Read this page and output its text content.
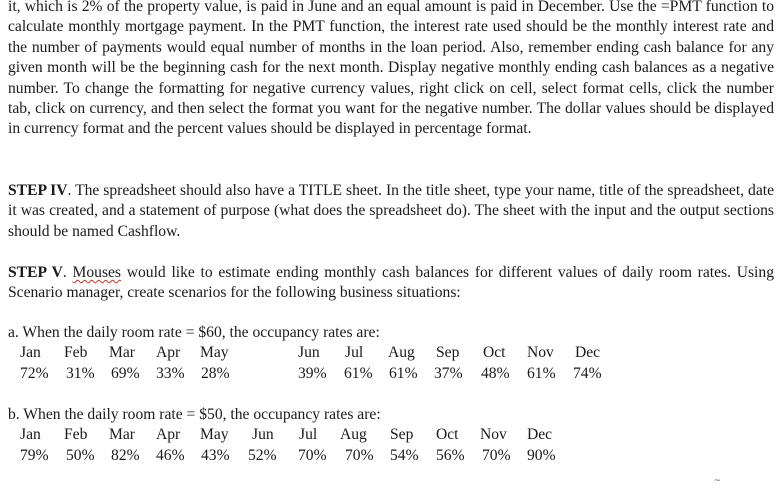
it, which is 2% of the property value, is paid in June and an equal amount is paid in December. Use the =PMT function to calculate monthly mortgage payment. In the PMT function, the interest rate used should be the monthly interest rate and the number of payments would equal number of months in the loan period. Also, remember ending cash balance for any given month will be the beginning cash for the next month. Display negative monthly ending cash balances as a negative number. To change the formatting for negative currency values, right click on cell, select format cells, click the number tab, click on currency, and then select the format you want for the negative number. The dollar values should be displayed in currency format and the percent values should be displayed in percentage format.

STEP IV. The spreadsheet should also have a TITLE sheet. In the title sheet, type your name, title of the spreadsheet, date it was created, and a statement of purpose (what does the spreadsheet do). The sheet with the input and the output sections should be named Cashflow.

STEP V. Mouses would like to estimate ending monthly cash balances for different values of daily room rates. Using Scenario manager, create scenarios for the following business situations:

a. When the daily room rate = $60, the occupancy rates are:
Jan Feb Mar Apr May	Jun Jul Aug Sep Oct Nov Dec
72% 31% 69% 33% 28%	39% 61% 61% 37% 48% 61% 74%
b. When the daily room rate = $50, the occupancy rates are:
Jan Feb Mar Apr May Jun Jul Aug Sep Oct Nov Dec
79% 50% 82% 46% 43% 52% 70% 70% 54% 56% 70% 90%
~
